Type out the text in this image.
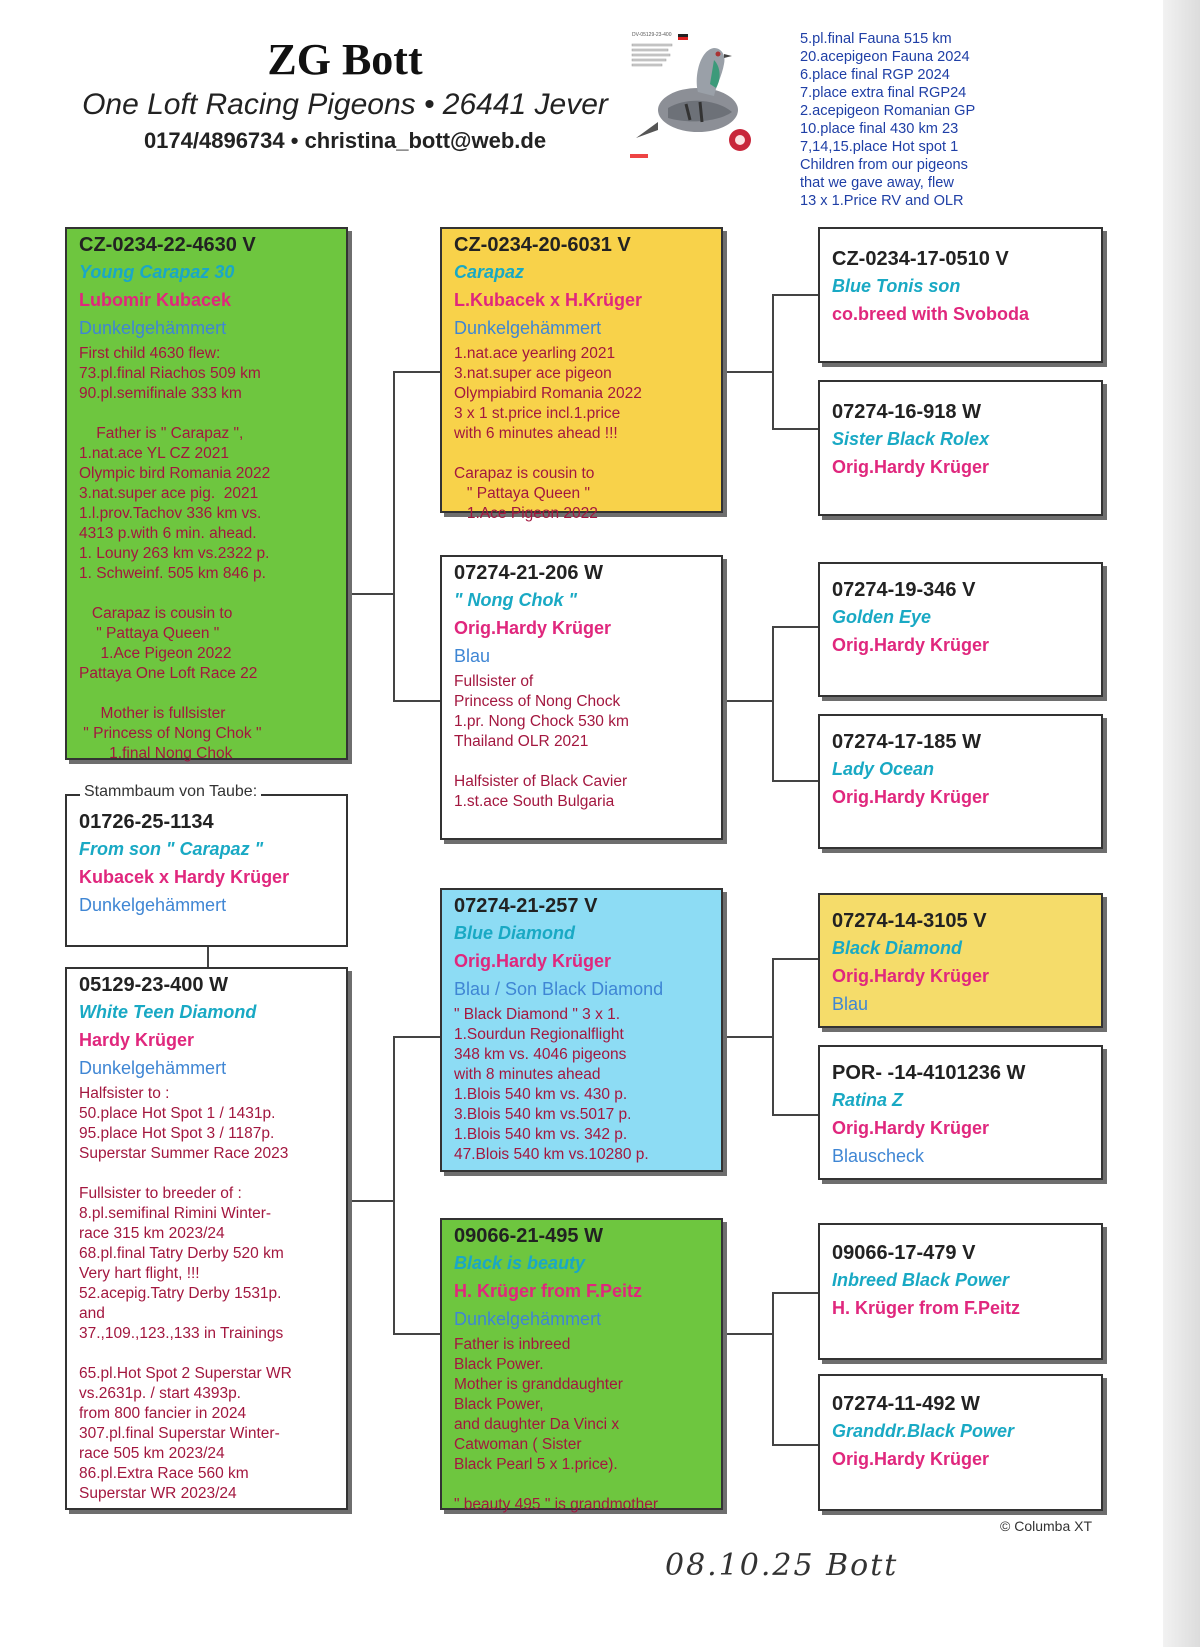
ZG Bott
One Loft Racing Pigeons • 26441 Jever
0174/4896734 • christina_bott@web.de
DV-05129-23-400	5.pl.final Fauna 515 km
20.acepigeon Fauna 2024
6.place final RGP 2024
7.place extra final RGP24
2.acepigeon Romanian GP
10.place final 430 km 23
7,14,15.place Hot spot 1
Children from our pigeons
that we gave away, flew
13 x 1.Price RV and OLR
CZ-0234-22-4630 V
Young Carapaz 30
Lubomir Kubacek
Dunkelgehämmert
First child 4630 flew:
73.pl.final Riachos 509 km
90.pl.semifinale 333 km

Father is " Carapaz ",
1.nat.ace YL CZ 2021
Olympic bird Romania 2022
3.nat.super ace pig.  2021
1.l.prov.Tachov 336 km vs.
4313 p.with 6 min. ahead.
1. Louny 263 km vs.2322 p.
1. Schweinf. 505 km 846 p.

Carapaz is cousin to
" Pattaya Queen "
1.Ace Pigeon 2022
Pattaya One Loft Race 22

Mother is fullsister
" Princess of Nong Chok "
1.final Nong Chok
01726-25-1134
From son " Carapaz "
Kubacek x Hardy Krüger
Dunkelgehämmert
Stammbaum von Taube:
05129-23-400 W
White Teen Diamond
Hardy Krüger
Dunkelgehämmert
Halfsister to :
50.place Hot Spot 1 / 1431p.
95.place Hot Spot 3 / 1187p.
Superstar Summer Race 2023

Fullsister to breeder of :
8.pl.semifinal Rimini Winter-
race 315 km 2023/24
68.pl.final Tatry Derby 520 km
Very hart flight, !!!
52.acepig.Tatry Derby 1531p.
and
37.,109.,123.,133 in Trainings

65.pl.Hot Spot 2 Superstar WR
vs.2631p. / start 4393p.
from 800 fancier in 2024
307.pl.final Superstar Winter-
race 505 km 2023/24
86.pl.Extra Race 560 km
Superstar WR 2023/24
CZ-0234-20-6031 V
Carapaz
L.Kubacek x H.Krüger
Dunkelgehämmert
1.nat.ace yearling 2021
3.nat.super ace pigeon
Olympiabird Romania 2022
3 x 1 st.price incl.1.price
with 6 minutes ahead !!!

Carapaz is cousin to
" Pattaya Queen "
1.Ace Pigeon 2022
07274-21-206 W
" Nong Chok "
Orig.Hardy Krüger
Blau
Fullsister of
Princess of Nong Chock
1.pr. Nong Chock 530 km
Thailand OLR 2021

Halfsister of Black Cavier
1.st.ace South Bulgaria
07274-21-257 V
Blue Diamond
Orig.Hardy Krüger
Blau / Son Black Diamond
" Black Diamond " 3 x 1.
1.Sourdun Regionalflight
348 km vs. 4046 pigeons
with 8 minutes ahead
1.Blois 540 km vs. 430 p.
3.Blois 540 km vs.5017 p.
1.Blois 540 km vs. 342 p.
47.Blois 540 km vs.10280 p.
09066-21-495 W
Black is beauty
H. Krüger from F.Peitz
Dunkelgehämmert
Father is inbreed
Black Power.
Mother is granddaughter
Black Power,
and daughter Da Vinci x
Catwoman ( Sister
Black Pearl 5 x 1.price).

" beauty 495 " is grandmother
CZ-0234-17-0510 V
Blue Tonis son
co.breed with Svoboda
07274-16-918 W
Sister Black Rolex
Orig.Hardy Krüger
07274-19-346 V
Golden Eye
Orig.Hardy Krüger
07274-17-185 W
Lady Ocean
Orig.Hardy Krüger
07274-14-3105 V
Black Diamond
Orig.Hardy Krüger
Blau
POR- -14-4101236 W
Ratina Z
Orig.Hardy Krüger
Blauscheck
09066-17-479 V
Inbreed Black Power
H. Krüger from F.Peitz
07274-11-492 W
Granddr.Black Power
Orig.Hardy Krüger
© Columba XT
08.10.25 Bott
